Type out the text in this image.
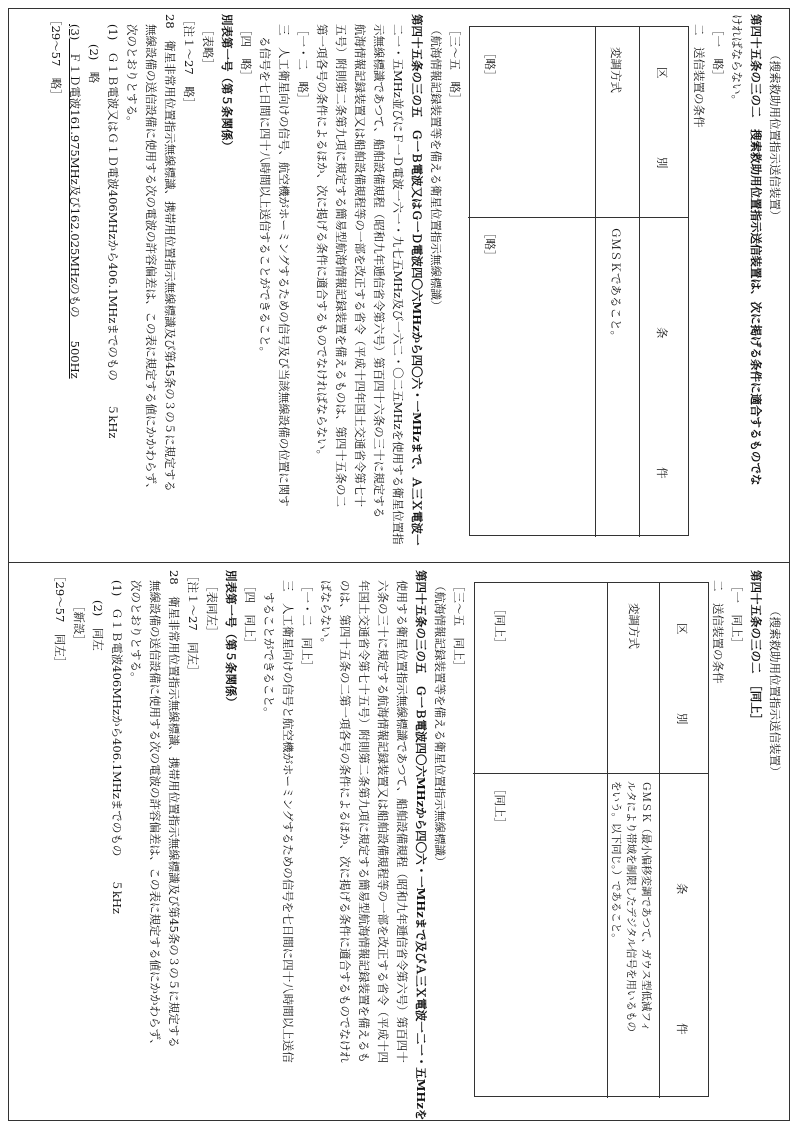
（搜索救助用位置指示送信装置）
第四十五条の三の二　搜索救助用位置指示送信装置は、次に掲げる条件に適合するものでな
ければならない。
［一　略］
二　送信装置の条件
［三～五　略］
（航海情報記録装置等を備える衛星位置指示無線標識）
第四十五条の三の五　Ｇ一Ｂ電波又はＧ一Ｄ電波四〇六MHzから四〇六・一MHzまで、Ａ三Ｘ電波一
二一・五MHz並びにＦ一Ｄ電波一六一・九七五MHz及び一六二・〇二五MHzを使用する衛星位置指
示無線標識であつて、船舶設備規程（昭和九年逓信省令第六号）第百四十六条の三十に規定する
航海情報記録装置又は船舶設備規程等の一部を改正する省令（平成十四年国土交通省令第七十
五号）附則第二条第九項に規定する簡易型航海情報記録装置を備えるものは、第四十五条の二
第一項各号の条件によるほか、次に掲げる条件に適合するものでなければならない。
［一・二　略］
三　人工衛星向けの信号、航空機がホーミングするための信号及び当該無線設備の位置に関す
る信号を七日間に四十八時間以上送信することができること。
［四　略］
別表第一号（第５条関係）
［表略］
［注１～27　略］
28　衛星非常用位置指示無線標識、携帯用位置指示無線標識及び第45条の３の５に規定する
無線設備の送信設備に使用する次の電波の許容偏差は、この表に規定する値にかかわらず、
次のとおりとする。
(1)　Ｇ１Ｂ電波又はＧ１Ｄ電波406MHzから406.1MHzまでのもの　　５kHz
(2)　略
(3)　Ｆ１Ｄ電波161.975MHz及び162.025MHzのもの　　500Hz
［29～57　略］	区
別
条
件
変調方式
ＧＭＳＫであること。
［略］
［略］
（搜索救助用位置指示送信装置）
第四十五条の三の二　［同上］
［一　同上］
二　送信装置の条件
［三～五　同上］
（航海情報記録装置等を備える衛星位置指示無線標識）
第四十五条の三の五　Ｇ一Ｂ電波四〇六MHzから四〇六・一MHzまで及びＡ三Ｘ電波一二一・五MHzを
使用する衛星位置指示無線標識であつて、船舶設備規程（昭和九年逓信省令第六号）第百四十
六条の三十に規定する航海情報記録装置又は船舶設備規程等の一部を改正する省令（平成十四
年国土交通省令第七十五号）附則第二条第九項に規定する簡易型航海情報記録装置を備えるも
のは、第四十五条の二第一項各号の条件によるほか、次に掲げる条件に適合するものでなけれ
ばならない。
［一・二　同上］
三　人工衛星向けの信号と航空機がホーミングするための信号を七日間に四十八時間以上送信
することができること。
［四　同上］
別表第一号（第５条関係）
［表同左］
［注１～27　同左］
28　衛星非常用位置指示無線標識、携帯用位置指示無線標識及び第45条の３の５に規定する
無線設備の送信設備に使用する次の電波の許容偏差は、この表に規定する値にかかわらず、
次のとおりとする。
(1)　Ｇ１Ｂ電波406MHzから406.1MHzまでのもの　　５kHz
(2)　同左
［新設］
［29～57　同左］	区
別
条
件
変調方式
ＧＭＳＫ（最小偏移変調であつて、ガウス型低減フィ
ルタにより帯域を制限したデジタル信号を用いるもの
をいう。以下同じ。）であること。
［同上］
［同上］
